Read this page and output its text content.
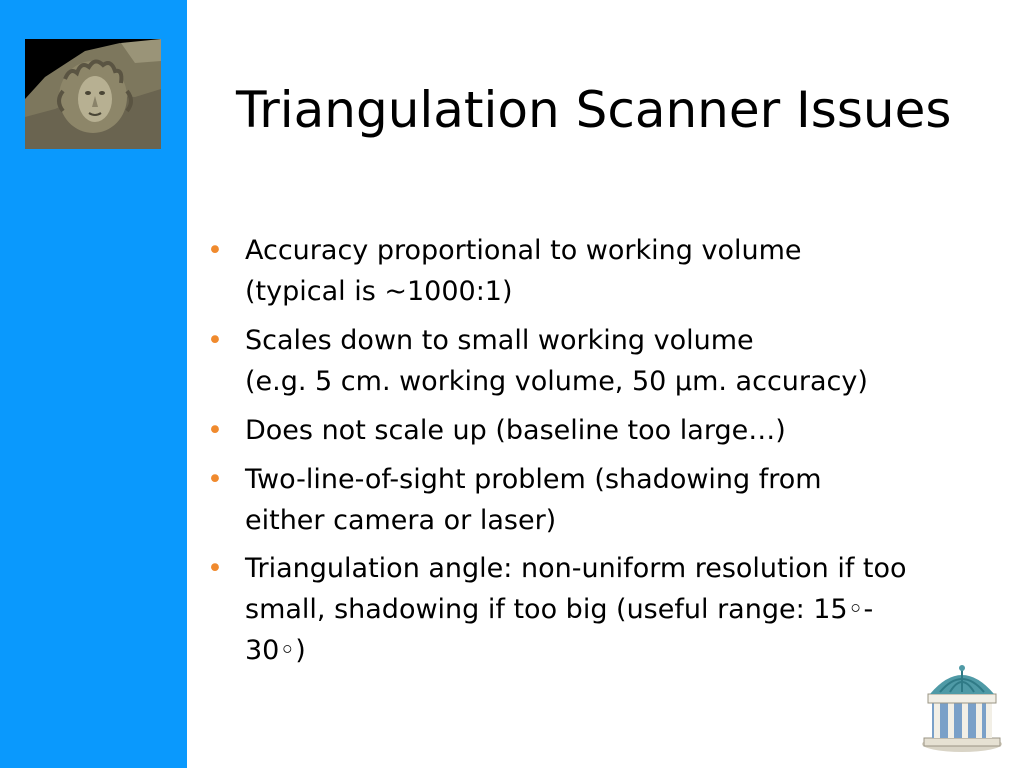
Triangulation Scanner Issues
• Accuracy proportional to working volume
(typical is ~1000:1)
• Scales down to small working volume
(e.g. 5 cm. working volume, 50 μm. accuracy)
• Does not scale up (baseline too large…)
• Two-line-of-sight problem (shadowing from
either camera or laser)
• Triangulation angle: non-uniform resolution if too
small, shadowing if too big (useful range: 15◦-
30◦)
